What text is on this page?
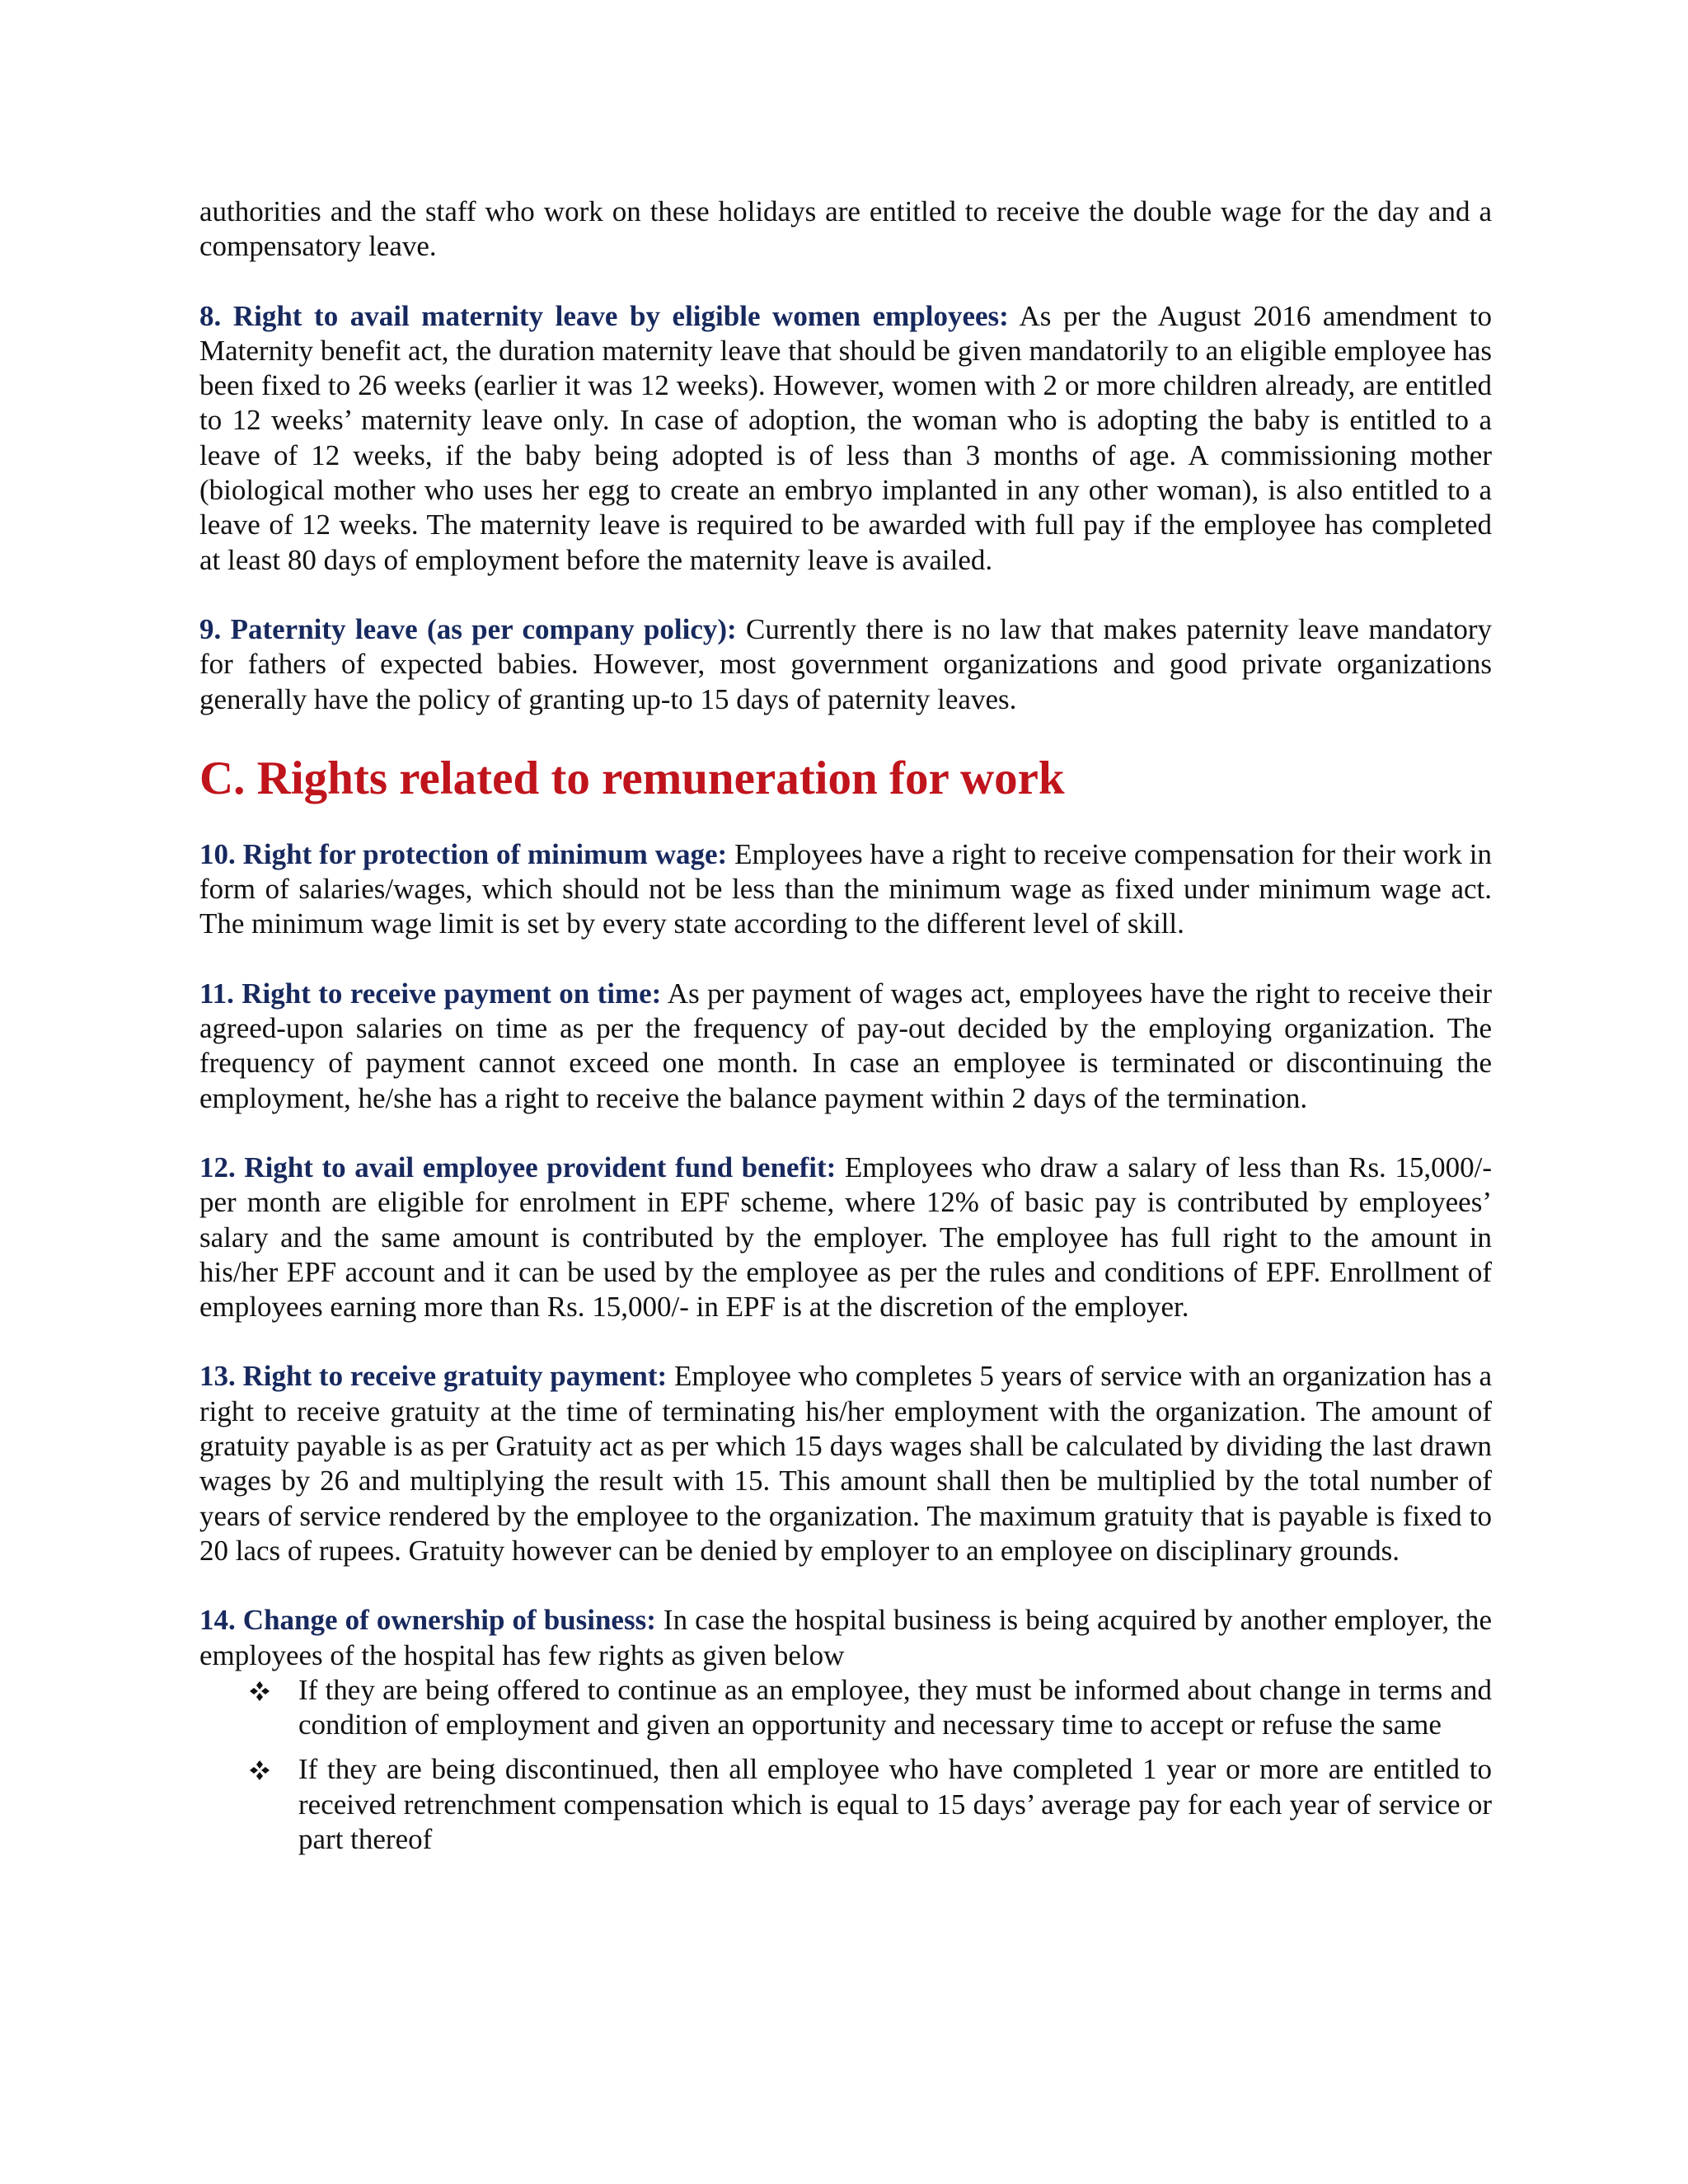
authorities and the staff who work on these holidays are entitled to receive the double wage for the day and a compensatory leave.

8. Right to avail maternity leave by eligible women employees: As per the August 2016 amendment to Maternity benefit act, the duration maternity leave that should be given mandatorily to an eligible employee has been fixed to 26 weeks (earlier it was 12 weeks). However, women with 2 or more children already, are entitled to 12 weeks’ maternity leave only. In case of adoption, the woman who is adopting the baby is entitled to a leave of 12 weeks, if the baby being adopted is of less than 3 months of age. A commissioning mother (biological mother who uses her egg to create an embryo implanted in any other woman), is also entitled to a leave of 12 weeks. The maternity leave is required to be awarded with full pay if the employee has completed at least 80 days of employment before the maternity leave is availed.

9. Paternity leave (as per company policy): Currently there is no law that makes paternity leave mandatory for fathers of expected babies. However, most government organizations and good private organizations generally have the policy of granting up-to 15 days of paternity leaves.

C. Rights related to remuneration for work

10. Right for protection of minimum wage: Employees have a right to receive compensation for their work in form of salaries/wages, which should not be less than the minimum wage as fixed under minimum wage act. The minimum wage limit is set by every state according to the different level of skill.

11. Right to receive payment on time: As per payment of wages act, employees have the right to receive their agreed-upon salaries on time as per the frequency of pay-out decided by the employing organization. The frequency of payment cannot exceed one month. In case an employee is terminated or discontinuing the employment, he/she has a right to receive the balance payment within 2 days of the termination.

12. Right to avail employee provident fund benefit: Employees who draw a salary of less than Rs. 15,000/- per month are eligible for enrolment in EPF scheme, where 12% of basic pay is contributed by employees’ salary and the same amount is contributed by the employer. The employee has full right to the amount in his/her EPF account and it can be used by the employee as per the rules and conditions of EPF. Enrollment of employees earning more than Rs. 15,000/- in EPF is at the discretion of the employer.

13. Right to receive gratuity payment: Employee who completes 5 years of service with an organization has a right to receive gratuity at the time of terminating his/her employment with the organization. The amount of gratuity payable is as per Gratuity act as per which 15 days wages shall be calculated by dividing the last drawn wages by 26 and multiplying the result with 15. This amount shall then be multiplied by the total number of years of service rendered by the employee to the organization. The maximum gratuity that is payable is fixed to 20 lacs of rupees. Gratuity however can be denied by employer to an employee on disciplinary grounds.

14. Change of ownership of business: In case the hospital business is being acquired by another employer, the employees of the hospital has few rights as given below

If they are being offered to continue as an employee, they must be informed about change in terms and condition of employment and given an opportunity and necessary time to accept or refuse the same
If they are being discontinued, then all employee who have completed 1 year or more are entitled to received retrenchment compensation which is equal to 15 days’ average pay for each year of service or part thereof
